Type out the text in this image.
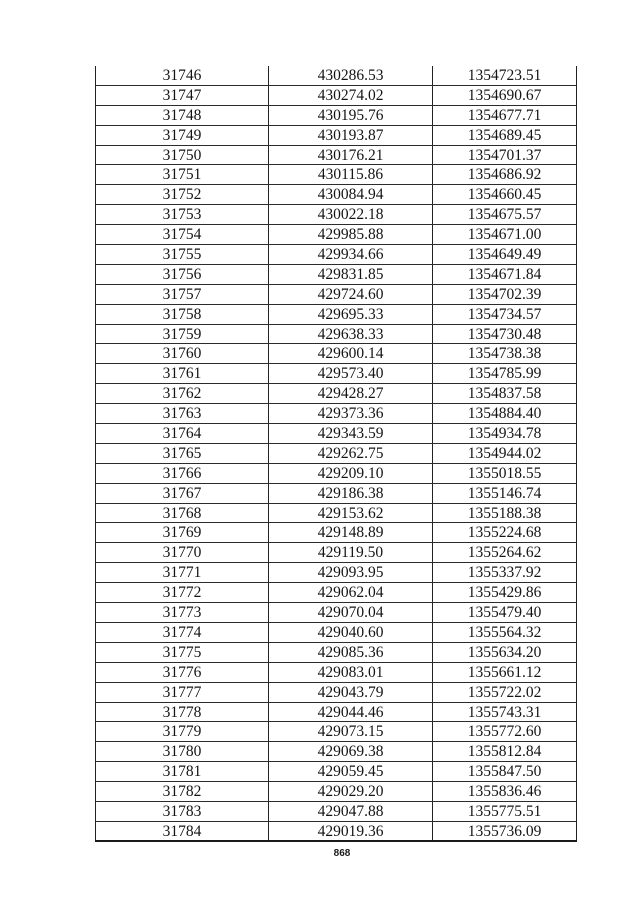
31746	430286.53	1354723.51
31747	430274.02	1354690.67
31748	430195.76	1354677.71
31749	430193.87	1354689.45
31750	430176.21	1354701.37
31751	430115.86	1354686.92
31752	430084.94	1354660.45
31753	430022.18	1354675.57
31754	429985.88	1354671.00
31755	429934.66	1354649.49
31756	429831.85	1354671.84
31757	429724.60	1354702.39
31758	429695.33	1354734.57
31759	429638.33	1354730.48
31760	429600.14	1354738.38
31761	429573.40	1354785.99
31762	429428.27	1354837.58
31763	429373.36	1354884.40
31764	429343.59	1354934.78
31765	429262.75	1354944.02
31766	429209.10	1355018.55
31767	429186.38	1355146.74
31768	429153.62	1355188.38
31769	429148.89	1355224.68
31770	429119.50	1355264.62
31771	429093.95	1355337.92
31772	429062.04	1355429.86
31773	429070.04	1355479.40
31774	429040.60	1355564.32
31775	429085.36	1355634.20
31776	429083.01	1355661.12
31777	429043.79	1355722.02
31778	429044.46	1355743.31
31779	429073.15	1355772.60
31780	429069.38	1355812.84
31781	429059.45	1355847.50
31782	429029.20	1355836.46
31783	429047.88	1355775.51
31784	429019.36	1355736.09
868
